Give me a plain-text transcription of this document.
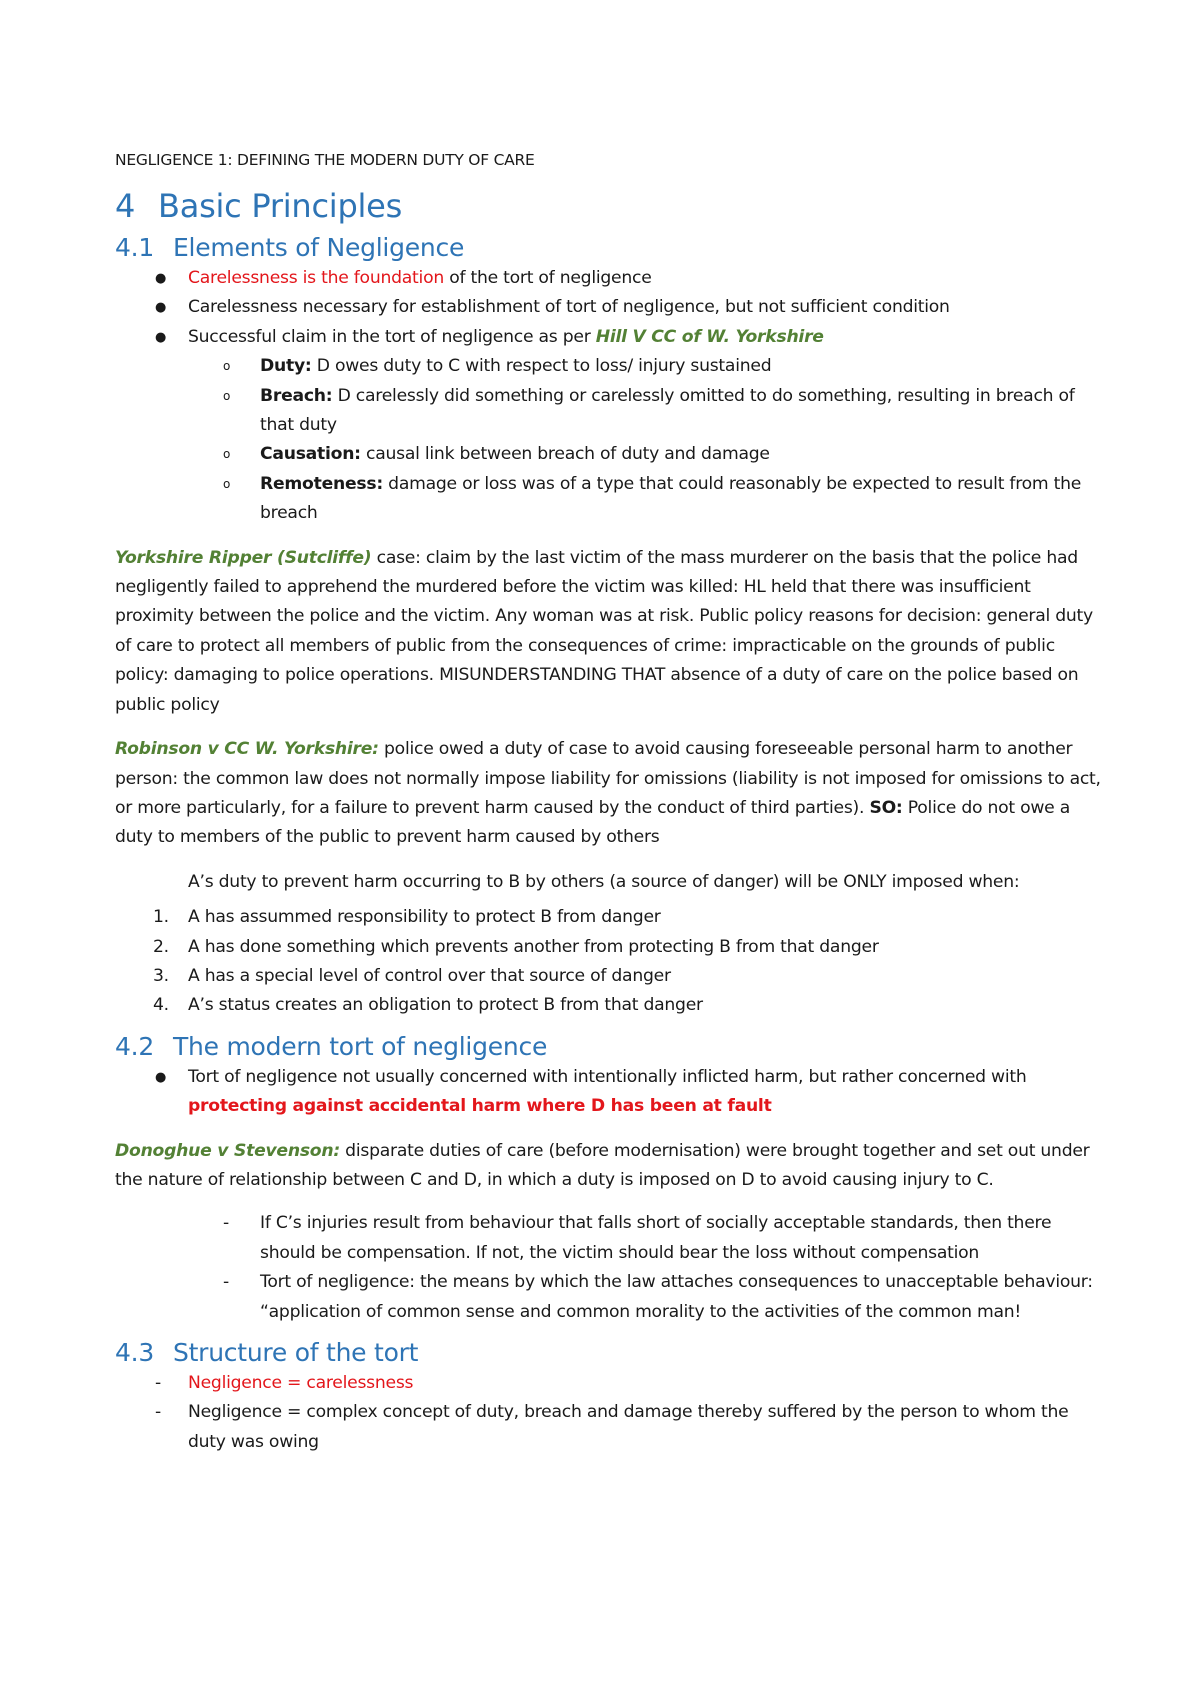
NEGLIGENCE 1: DEFINING THE MODERN DUTY OF CARE

4 Basic Principles
4.1 Elements of Negligence
● Carelessness is the foundation of the tort of negligence
● Carelessness necessary for establishment of tort of negligence, but not sufficient condition
● Successful claim in the tort of negligence as per Hill V CC of W. Yorkshire
o Duty: D owes duty to C with respect to loss/ injury sustained
o Breach: D carelessly did something or carelessly omitted to do something, resulting in breach of that duty
o Causation: causal link between breach of duty and damage
o Remoteness: damage or loss was of a type that could reasonably be expected to result from the breach

Yorkshire Ripper (Sutcliffe) case: claim by the last victim of the mass murderer on the basis that the police had negligently failed to apprehend the murdered before the victim was killed: HL held that there was insufficient proximity between the police and the victim. Any woman was at risk. Public policy reasons for decision: general duty of care to protect all members of public from the consequences of crime: impracticable on the grounds of public policy: damaging to police operations. MISUNDERSTANDING THAT absence of a duty of care on the police based on public policy

Robinson v CC W. Yorkshire: police owed a duty of case to avoid causing foreseeable personal harm to another person: the common law does not normally impose liability for omissions (liability is not imposed for omissions to act, or more particularly, for a failure to prevent harm caused by the conduct of third parties). SO: Police do not owe a duty to members of the public to prevent harm caused by others

A’s duty to prevent harm occurring to B by others (a source of danger) will be ONLY imposed when:

1. A has assummed responsibility to protect B from danger
2. A has done something which prevents another from protecting B from that danger
3. A has a special level of control over that source of danger
4. A’s status creates an obligation to protect B from that danger
4.2 The modern tort of negligence
● Tort of negligence not usually concerned with intentionally inflicted harm, but rather concerned with protecting against accidental harm where D has been at fault

Donoghue v Stevenson: disparate duties of care (before modernisation) were brought together and set out under the nature of relationship between C and D, in which a duty is imposed on D to avoid causing injury to C.

- If C’s injuries result from behaviour that falls short of socially acceptable standards, then there should be compensation. If not, the victim should bear the loss without compensation
- Tort of negligence: the means by which the law attaches consequences to unacceptable behaviour: “application of common sense and common morality to the activities of the common man!
4.3 Structure of the tort
- Negligence = carelessness
- Negligence = complex concept of duty, breach and damage thereby suffered by the person to whom the duty was owing
